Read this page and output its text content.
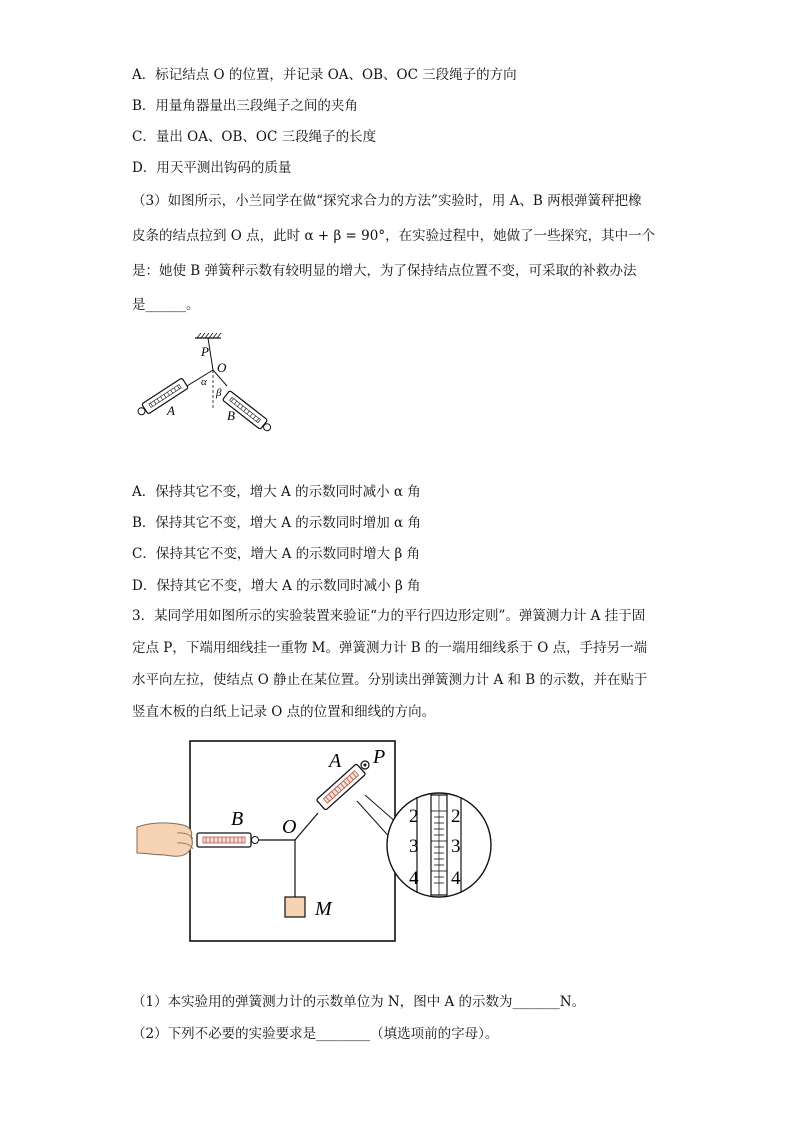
A．标记结点 O 的位置，并记录 OA、OB、OC 三段绳子的方向
B．用量角器量出三段绳子之间的夹角
C．量出 OA、OB、OC 三段绳子的长度
D．用天平测出钩码的质量
（3）如图所示，小兰同学在做“探究求合力的方法”实验时，用 A、B 两根弹簧秤把橡
皮条的结点拉到 O 点，此时 α + β = 90°，在实验过程中，她做了一些探究，其中一个
是：她使 B 弹簧秤示数有较明显的增大，为了保持结点位置不变，可采取的补救办法
是______。
P
O
α
β
A	B
A．保持其它不变，增大 A 的示数同时减小 α 角
B．保持其它不变，增大 A 的示数同时增加 α 角
C．保持其它不变，增大 A 的示数同时增大 β 角
D．保持其它不变，增大 A 的示数同时减小 β 角
3．某同学用如图所示的实验装置来验证“力的平行四边形定则”。弹簧测力计 A 挂于固
定点 P，下端用细线挂一重物 M。弹簧测力计 B 的一端用细线系于 O 点，手持另一端
水平向左拉，使结点 O 静止在某位置。分别读出弹簧测力计 A 和 B 的示数，并在贴于
竖直木板的白纸上记录 O 点的位置和细线的方向。
2 2
3 3
4 4
A P
B O
M
（1）本实验用的弹簧测力计的示数单位为 N，图中 A 的示数为_______N。
（2）下列不必要的实验要求是________（填选项前的字母）。
